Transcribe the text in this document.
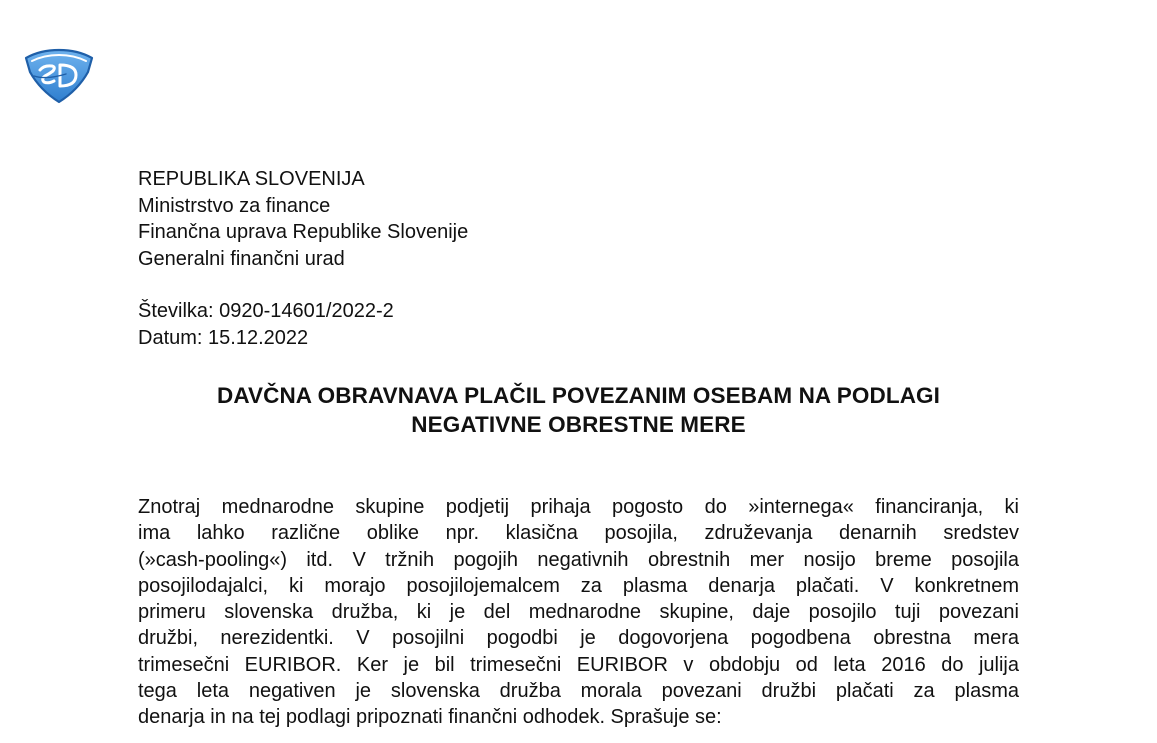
REPUBLIKA SLOVENIJA
Ministrstvo za finance
Finančna uprava Republike Slovenije
Generalni finančni urad
Številka: 0920-14601/2022-2
Datum: 15.12.2022
DAVČNA OBRAVNAVA PLAČIL POVEZANIM OSEBAM NA PODLAGI
NEGATIVNE OBRESTNE MERE

Znotraj mednarodne skupine podjetij prihaja pogosto do »internega« financiranja, ki
ima lahko različne oblike npr. klasična posojila, združevanja denarnih sredstev
(»cash-pooling«) itd. V tržnih pogojih negativnih obrestnih mer nosijo breme posojila
posojilodajalci, ki morajo posojilojemalcem za plasma denarja plačati. V konkretnem
primeru slovenska družba, ki je del mednarodne skupine, daje posojilo tuji povezani
družbi, nerezidentki. V posojilni pogodbi je dogovorjena pogodbena obrestna mera
trimesečni EURIBOR. Ker je bil trimesečni EURIBOR v obdobju od leta 2016 do julija
tega leta negativen je slovenska družba morala povezani družbi plačati za plasma
denarja in na tej podlagi pripoznati finančni odhodek. Sprašuje se:
